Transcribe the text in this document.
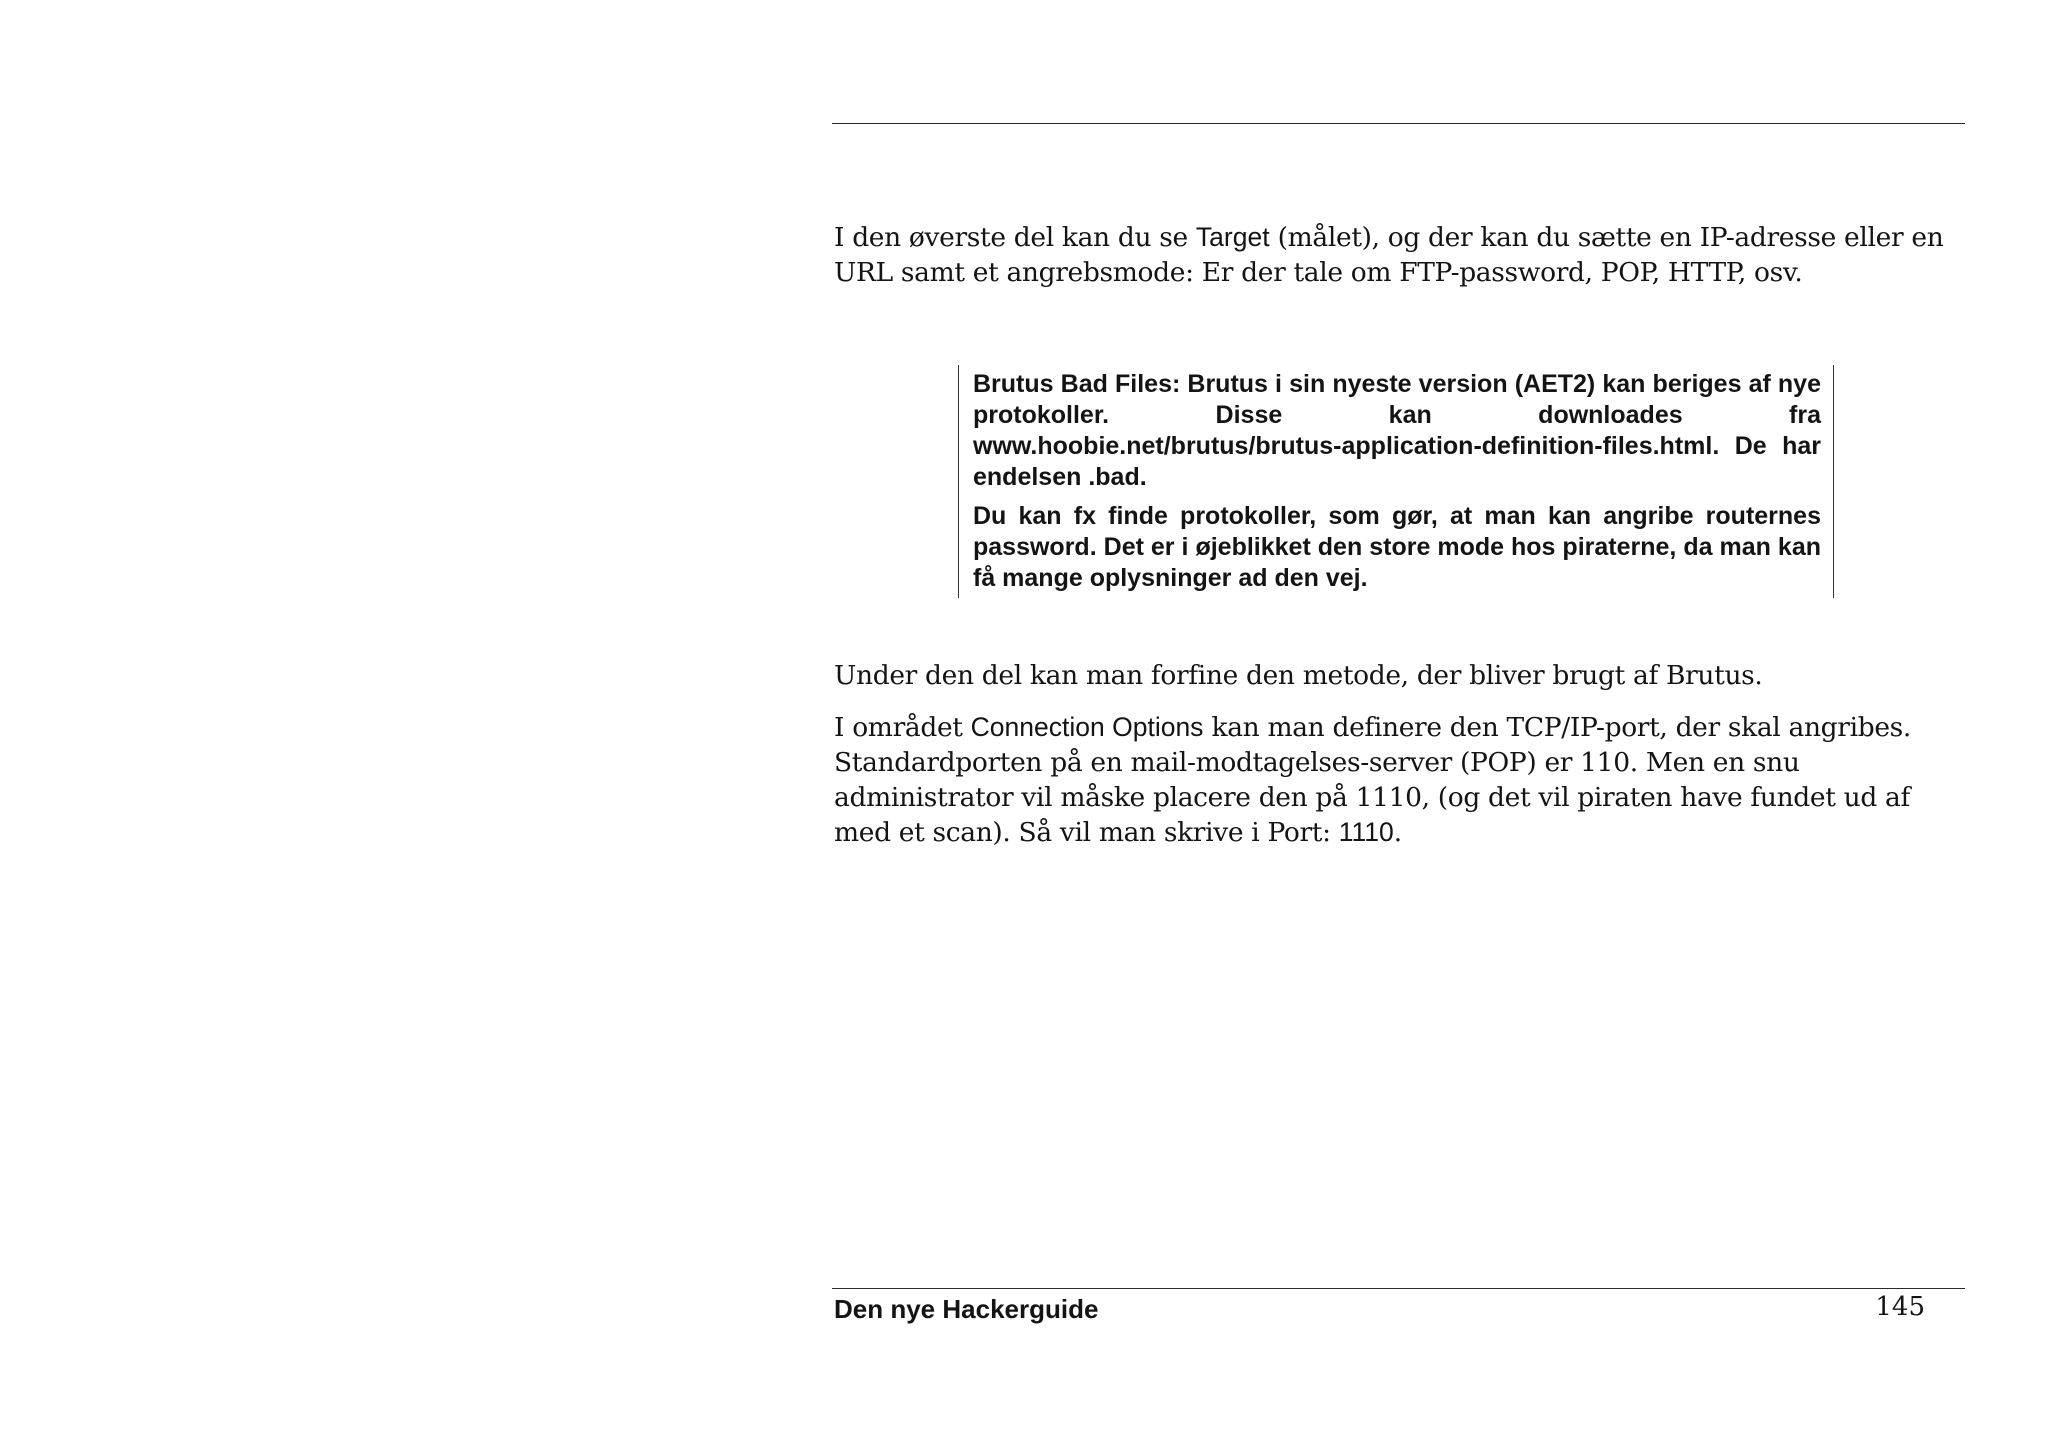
I den øverste del kan du se Target (målet), og der kan du sætte en IP-adresse eller en URL samt et angrebsmode: Er der tale om FTP-password, POP, HTTP, osv.

Brutus Bad Files: Brutus i sin nyeste version (AET2) kan beriges af nye protokoller. Disse kan downloades fra www.hoobie.net/brutus/brutus-application-definition-files.html. De har endelsen .bad.

Du kan fx finde protokoller, som gør, at man kan angribe routernes password. Det er i øjeblikket den store mode hos piraterne, da man kan få mange oplysninger ad den vej.

Under den del kan man forfine den metode, der bliver brugt af Brutus.

I området Connection Options kan man definere den TCP/IP-port, der skal angribes. Standardporten på en mail-modtagelses-server (POP) er 110. Men en snu administrator vil måske placere den på 1110, (og det vil piraten have fundet ud af med et scan). Så vil man skrive i Port: 1110.

Den nye Hackerguide	145
